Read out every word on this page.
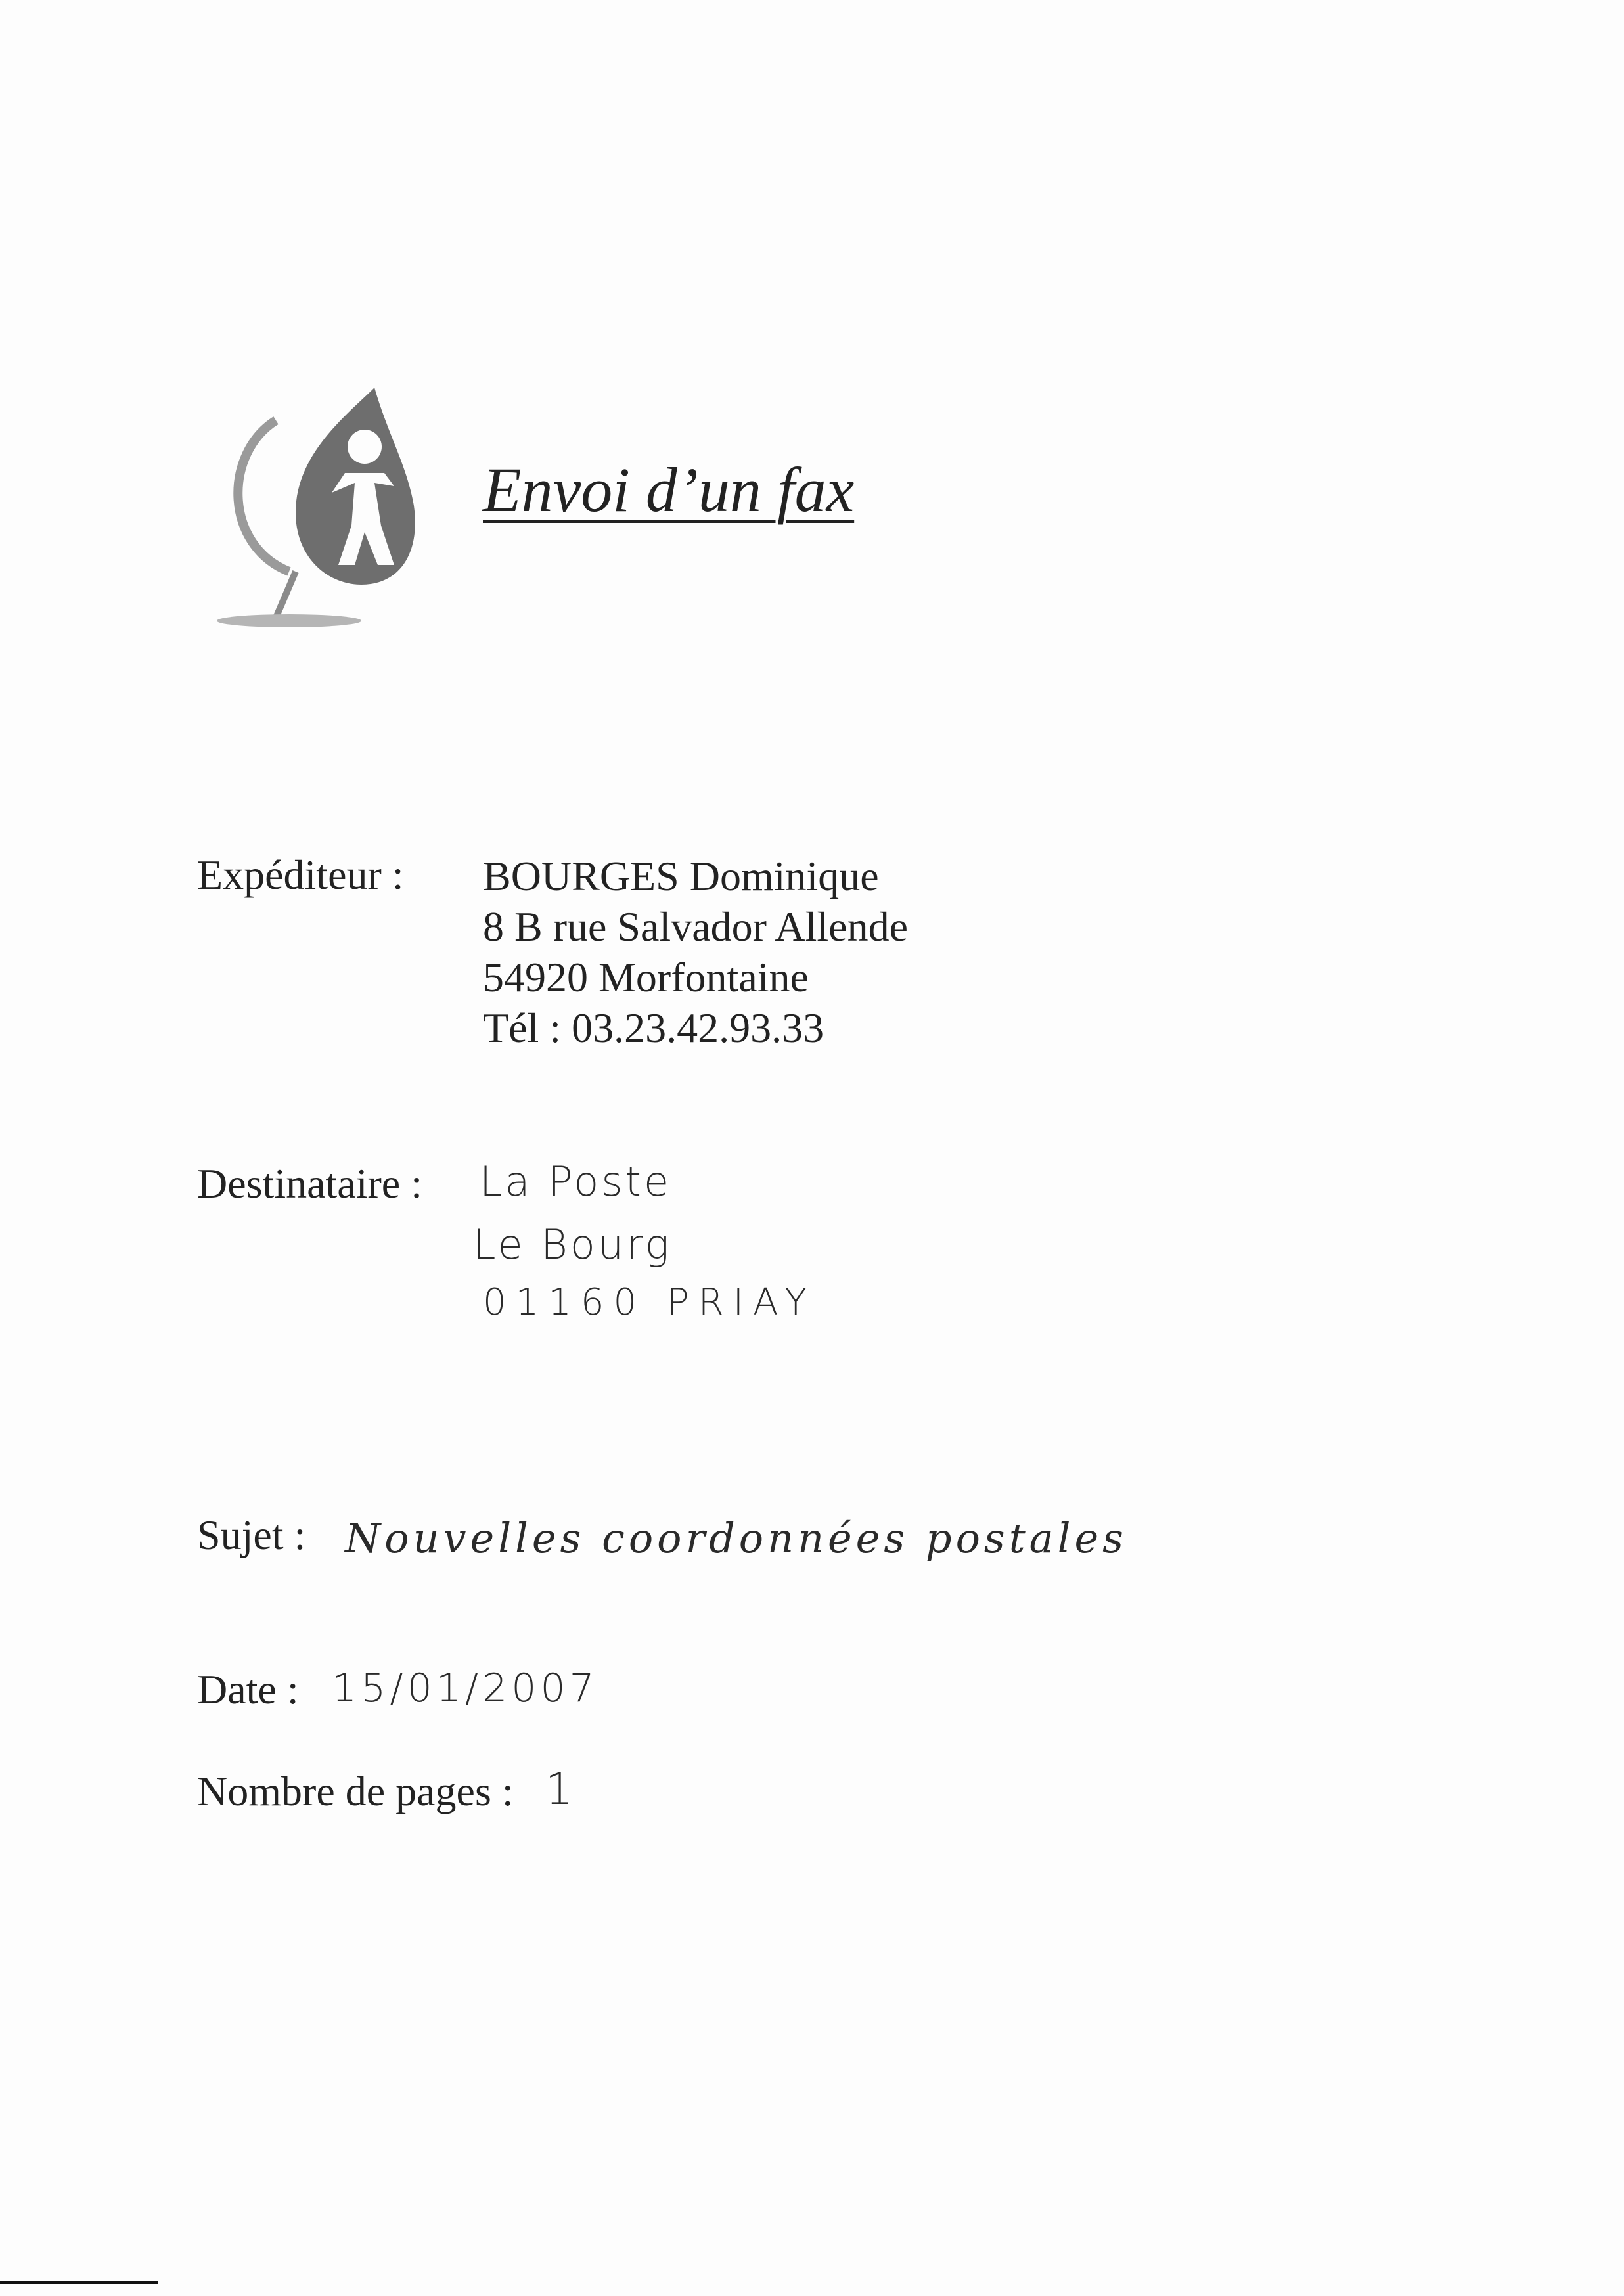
Envoi d’un fax
Expéditeur : BOURGES Dominique
8 B rue Salvador Allende
54920 Morfontaine
Tél : 03.23.42.93.33
Destinataire : La Poste
Le Bourg
01160 PRIAY
Sujet : Nouvelles coordonnées postales
Date : 15/01/2007
Nombre de pages : 1
